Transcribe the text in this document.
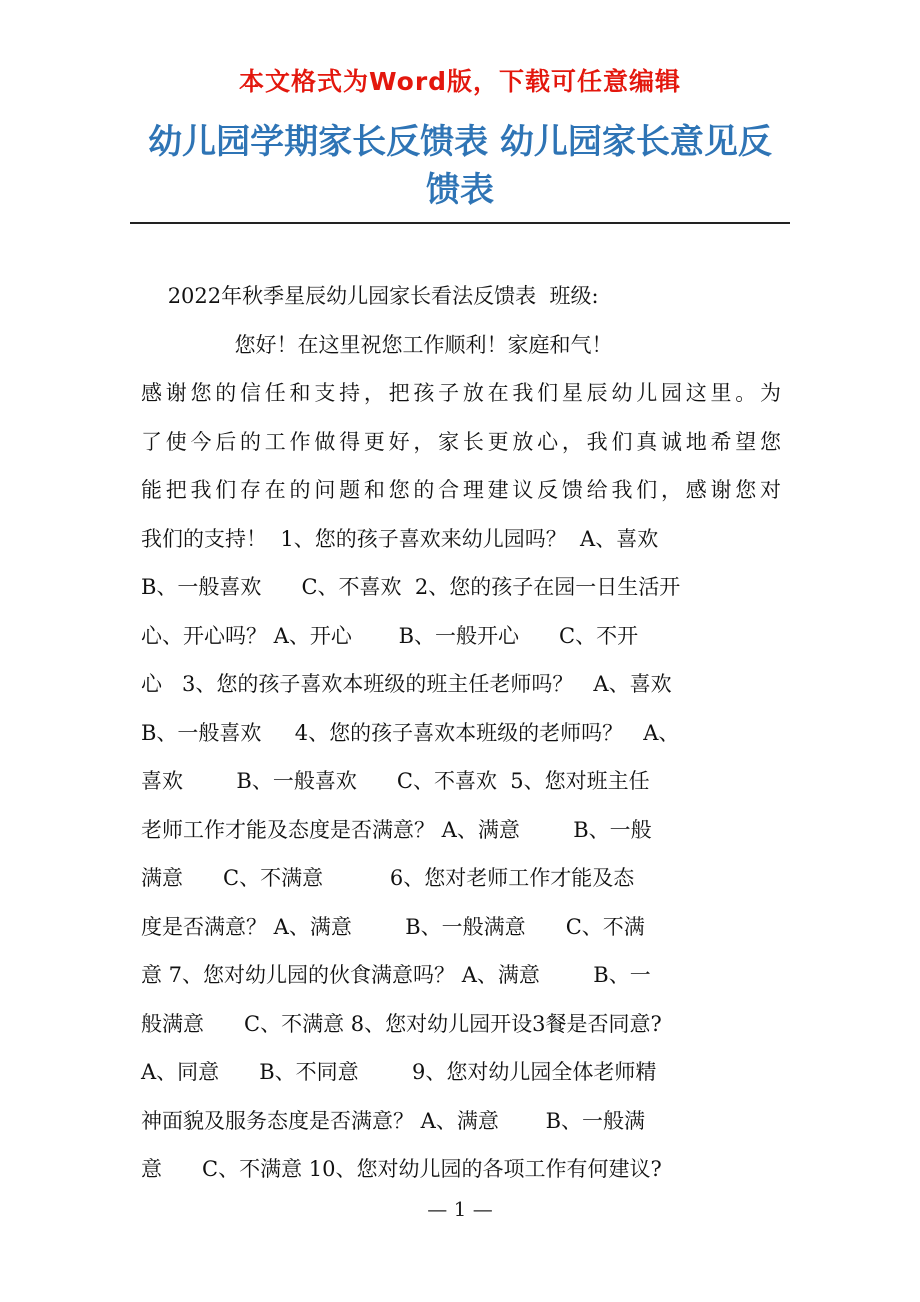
本文格式为Word版，下载可任意编辑
幼儿园学期家长反馈表 幼儿园家长意见反
馈表
2022年秋季星辰幼儿园家长看法反馈表  班级:
您好！在这里祝您工作顺利！家庭和气！
感谢您的信任和支持，把孩子放在我们星辰幼儿园这里。为
了使今后的工作做得更好，家长更放心，我们真诚地希望您
能把我们存在的问题和您的合理建议反馈给我们，感谢您对
我们的支持！  1、您的孩子喜欢来幼儿园吗？  A、喜欢
B、一般喜欢      C、不喜欢  2、您的孩子在园一日生活开
心、开心吗？ A、开心       B、一般开心      C、不开
心   3、您的孩子喜欢本班级的班主任老师吗？   A、喜欢
B、一般喜欢     4、您的孩子喜欢本班级的老师吗？   A、
喜欢        B、一般喜欢      C、不喜欢  5、您对班主任
老师工作才能及态度是否满意？ A、满意        B、一般
满意      C、不满意          6、您对老师工作才能及态
度是否满意？ A、满意        B、一般满意      C、不满
意 7、您对幼儿园的伙食满意吗？ A、满意        B、一
般满意      C、不满意 8、您对幼儿园开设3餐是否同意?
A、同意      B、不同意        9、您对幼儿园全体老师精
神面貌及服务态度是否满意？ A、满意       B、一般满
意      C、不满意 10、您对幼儿园的各项工作有何建议?
— 1 —
